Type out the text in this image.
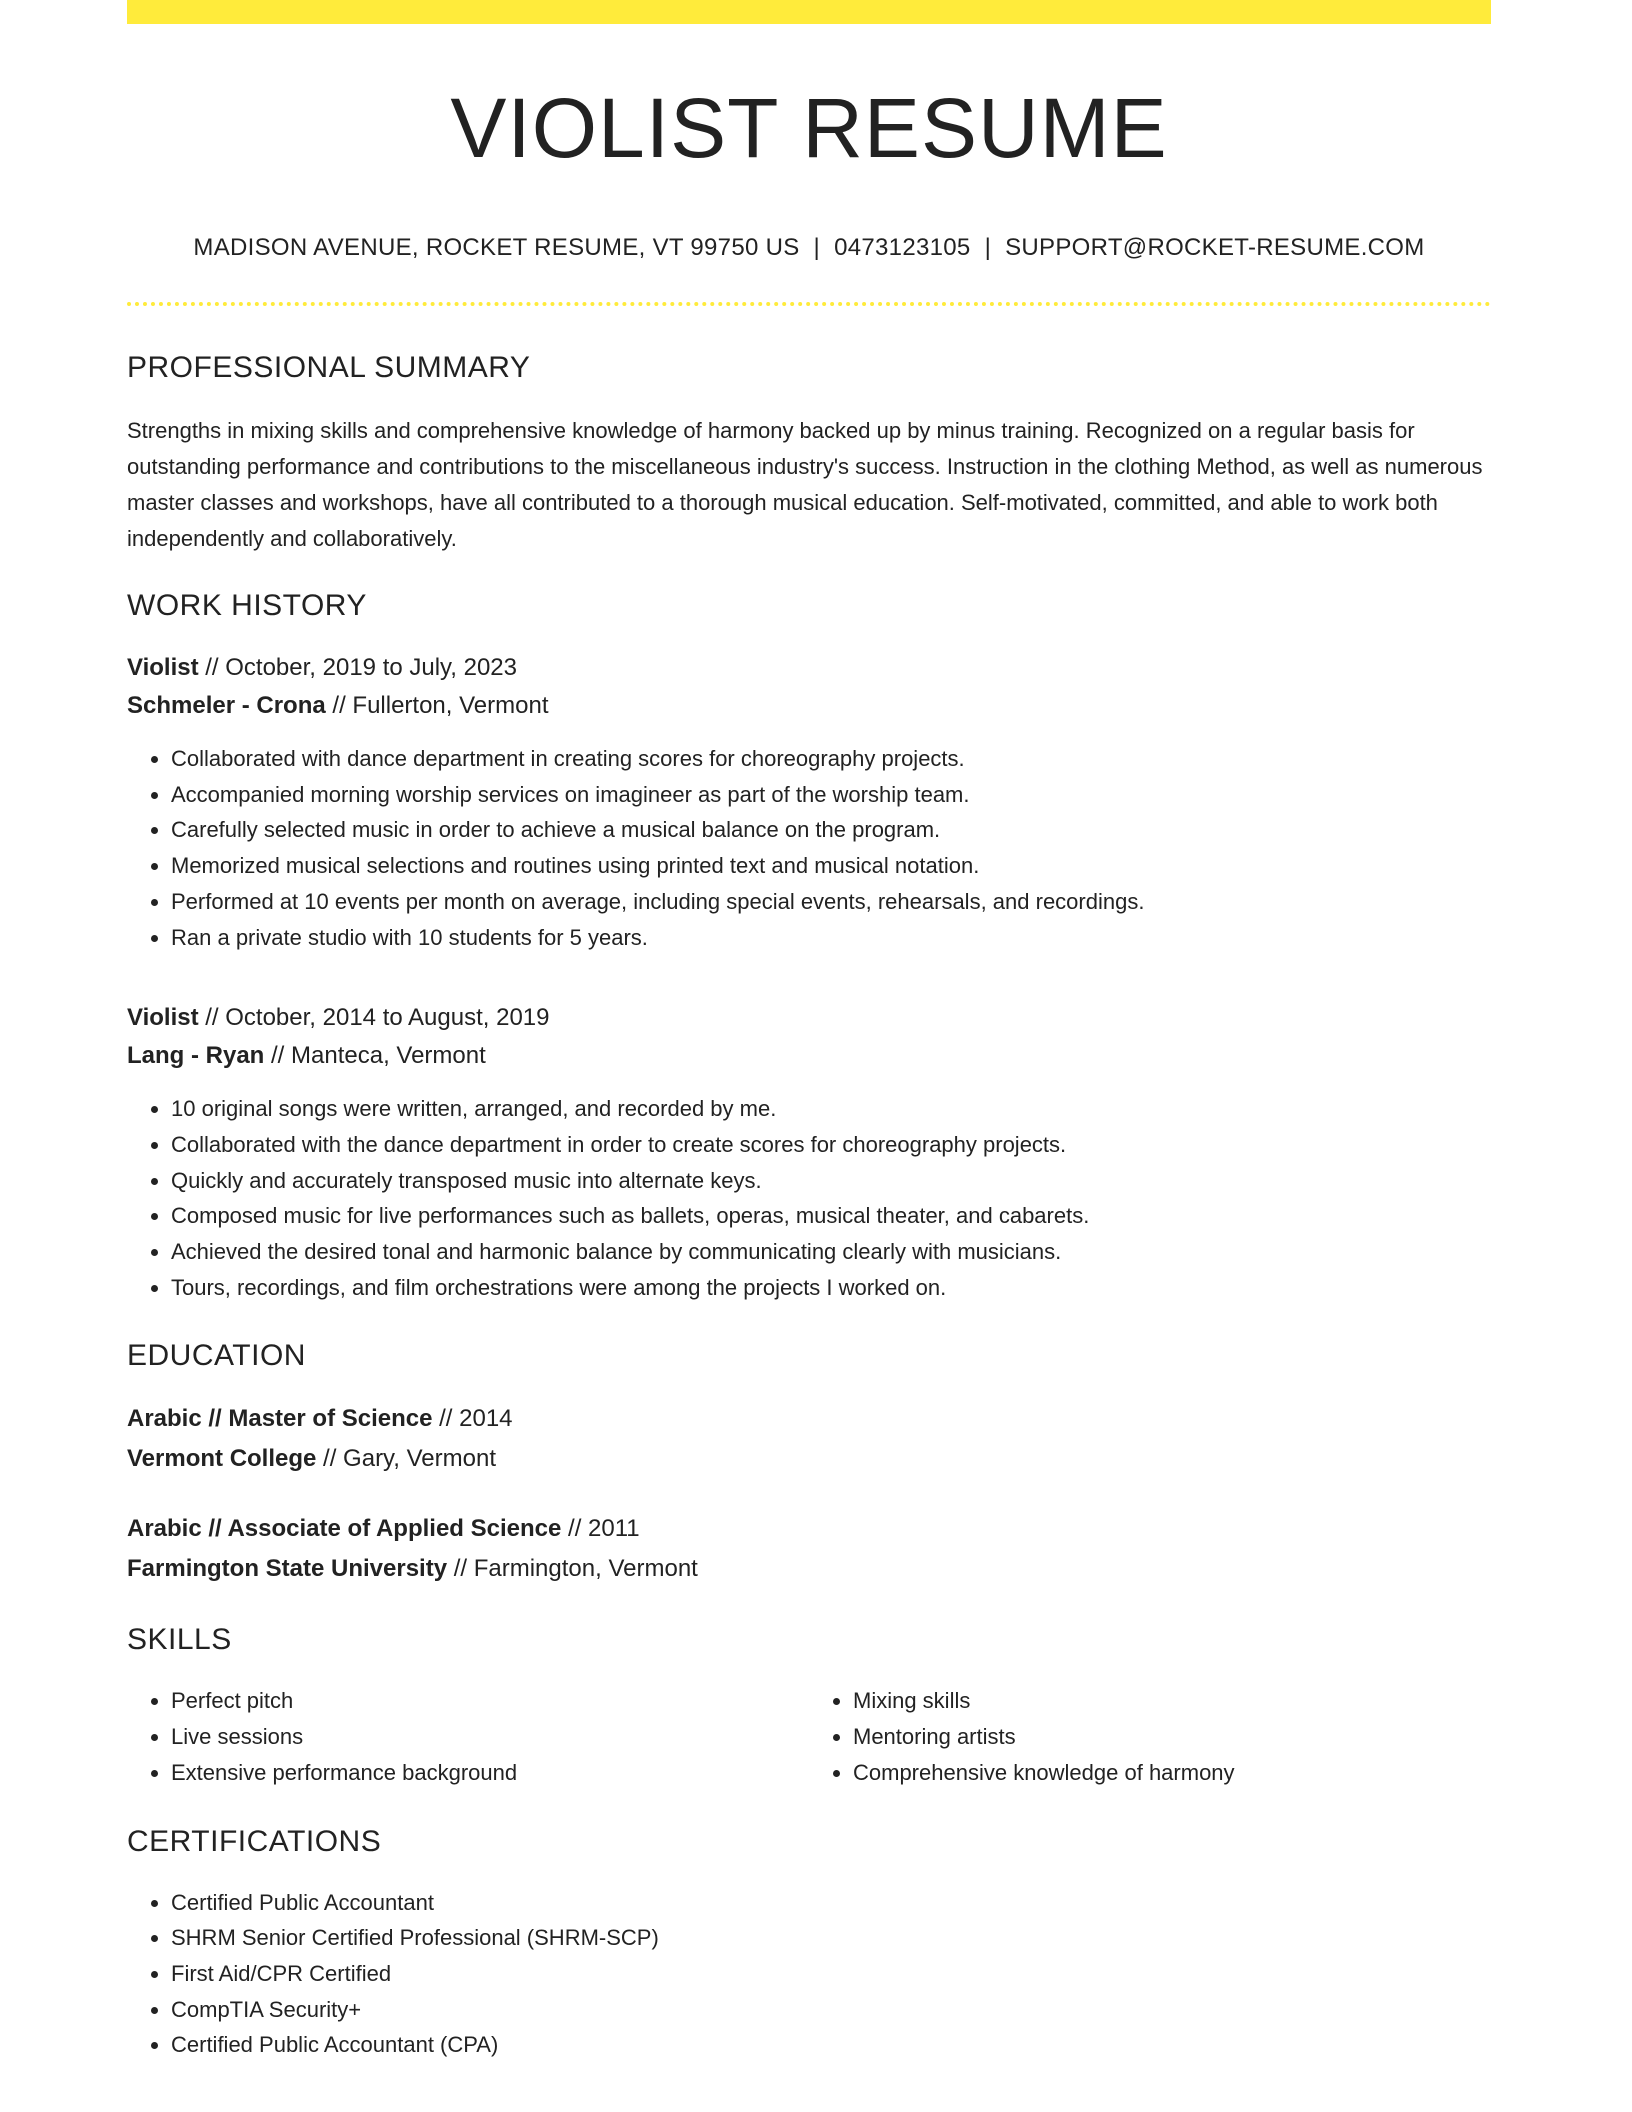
VIOLIST RESUME
MADISON AVENUE, ROCKET RESUME, VT 99750 US | 0473123105 | SUPPORT@ROCKET-RESUME.COM
PROFESSIONAL SUMMARY
Strengths in mixing skills and comprehensive knowledge of harmony backed up by minus training. Recognized on a regular basis for outstanding performance and contributions to the miscellaneous industry's success. Instruction in the clothing Method, as well as numerous master classes and workshops, have all contributed to a thorough musical education. Self-motivated, committed, and able to work both independently and collaboratively.
WORK HISTORY
Violist // October, 2019 to July, 2023
Schmeler - Crona // Fullerton, Vermont
• Collaborated with dance department in creating scores for choreography projects.
• Accompanied morning worship services on imagineer as part of the worship team.
• Carefully selected music in order to achieve a musical balance on the program.
• Memorized musical selections and routines using printed text and musical notation.
• Performed at 10 events per month on average, including special events, rehearsals, and recordings.
• Ran a private studio with 10 students for 5 years.
Violist // October, 2014 to August, 2019
Lang - Ryan // Manteca, Vermont
• 10 original songs were written, arranged, and recorded by me.
• Collaborated with the dance department in order to create scores for choreography projects.
• Quickly and accurately transposed music into alternate keys.
• Composed music for live performances such as ballets, operas, musical theater, and cabarets.
• Achieved the desired tonal and harmonic balance by communicating clearly with musicians.
• Tours, recordings, and film orchestrations were among the projects I worked on.
EDUCATION
Arabic // Master of Science // 2014
Vermont College // Gary, Vermont
Arabic // Associate of Applied Science // 2011
Farmington State University // Farmington, Vermont
SKILLS
• Perfect pitch
• Live sessions
• Extensive performance background
• Mixing skills
• Mentoring artists
• Comprehensive knowledge of harmony
CERTIFICATIONS
• Certified Public Accountant
• SHRM Senior Certified Professional (SHRM-SCP)
• First Aid/CPR Certified
• CompTIA Security+
• Certified Public Accountant (CPA)
